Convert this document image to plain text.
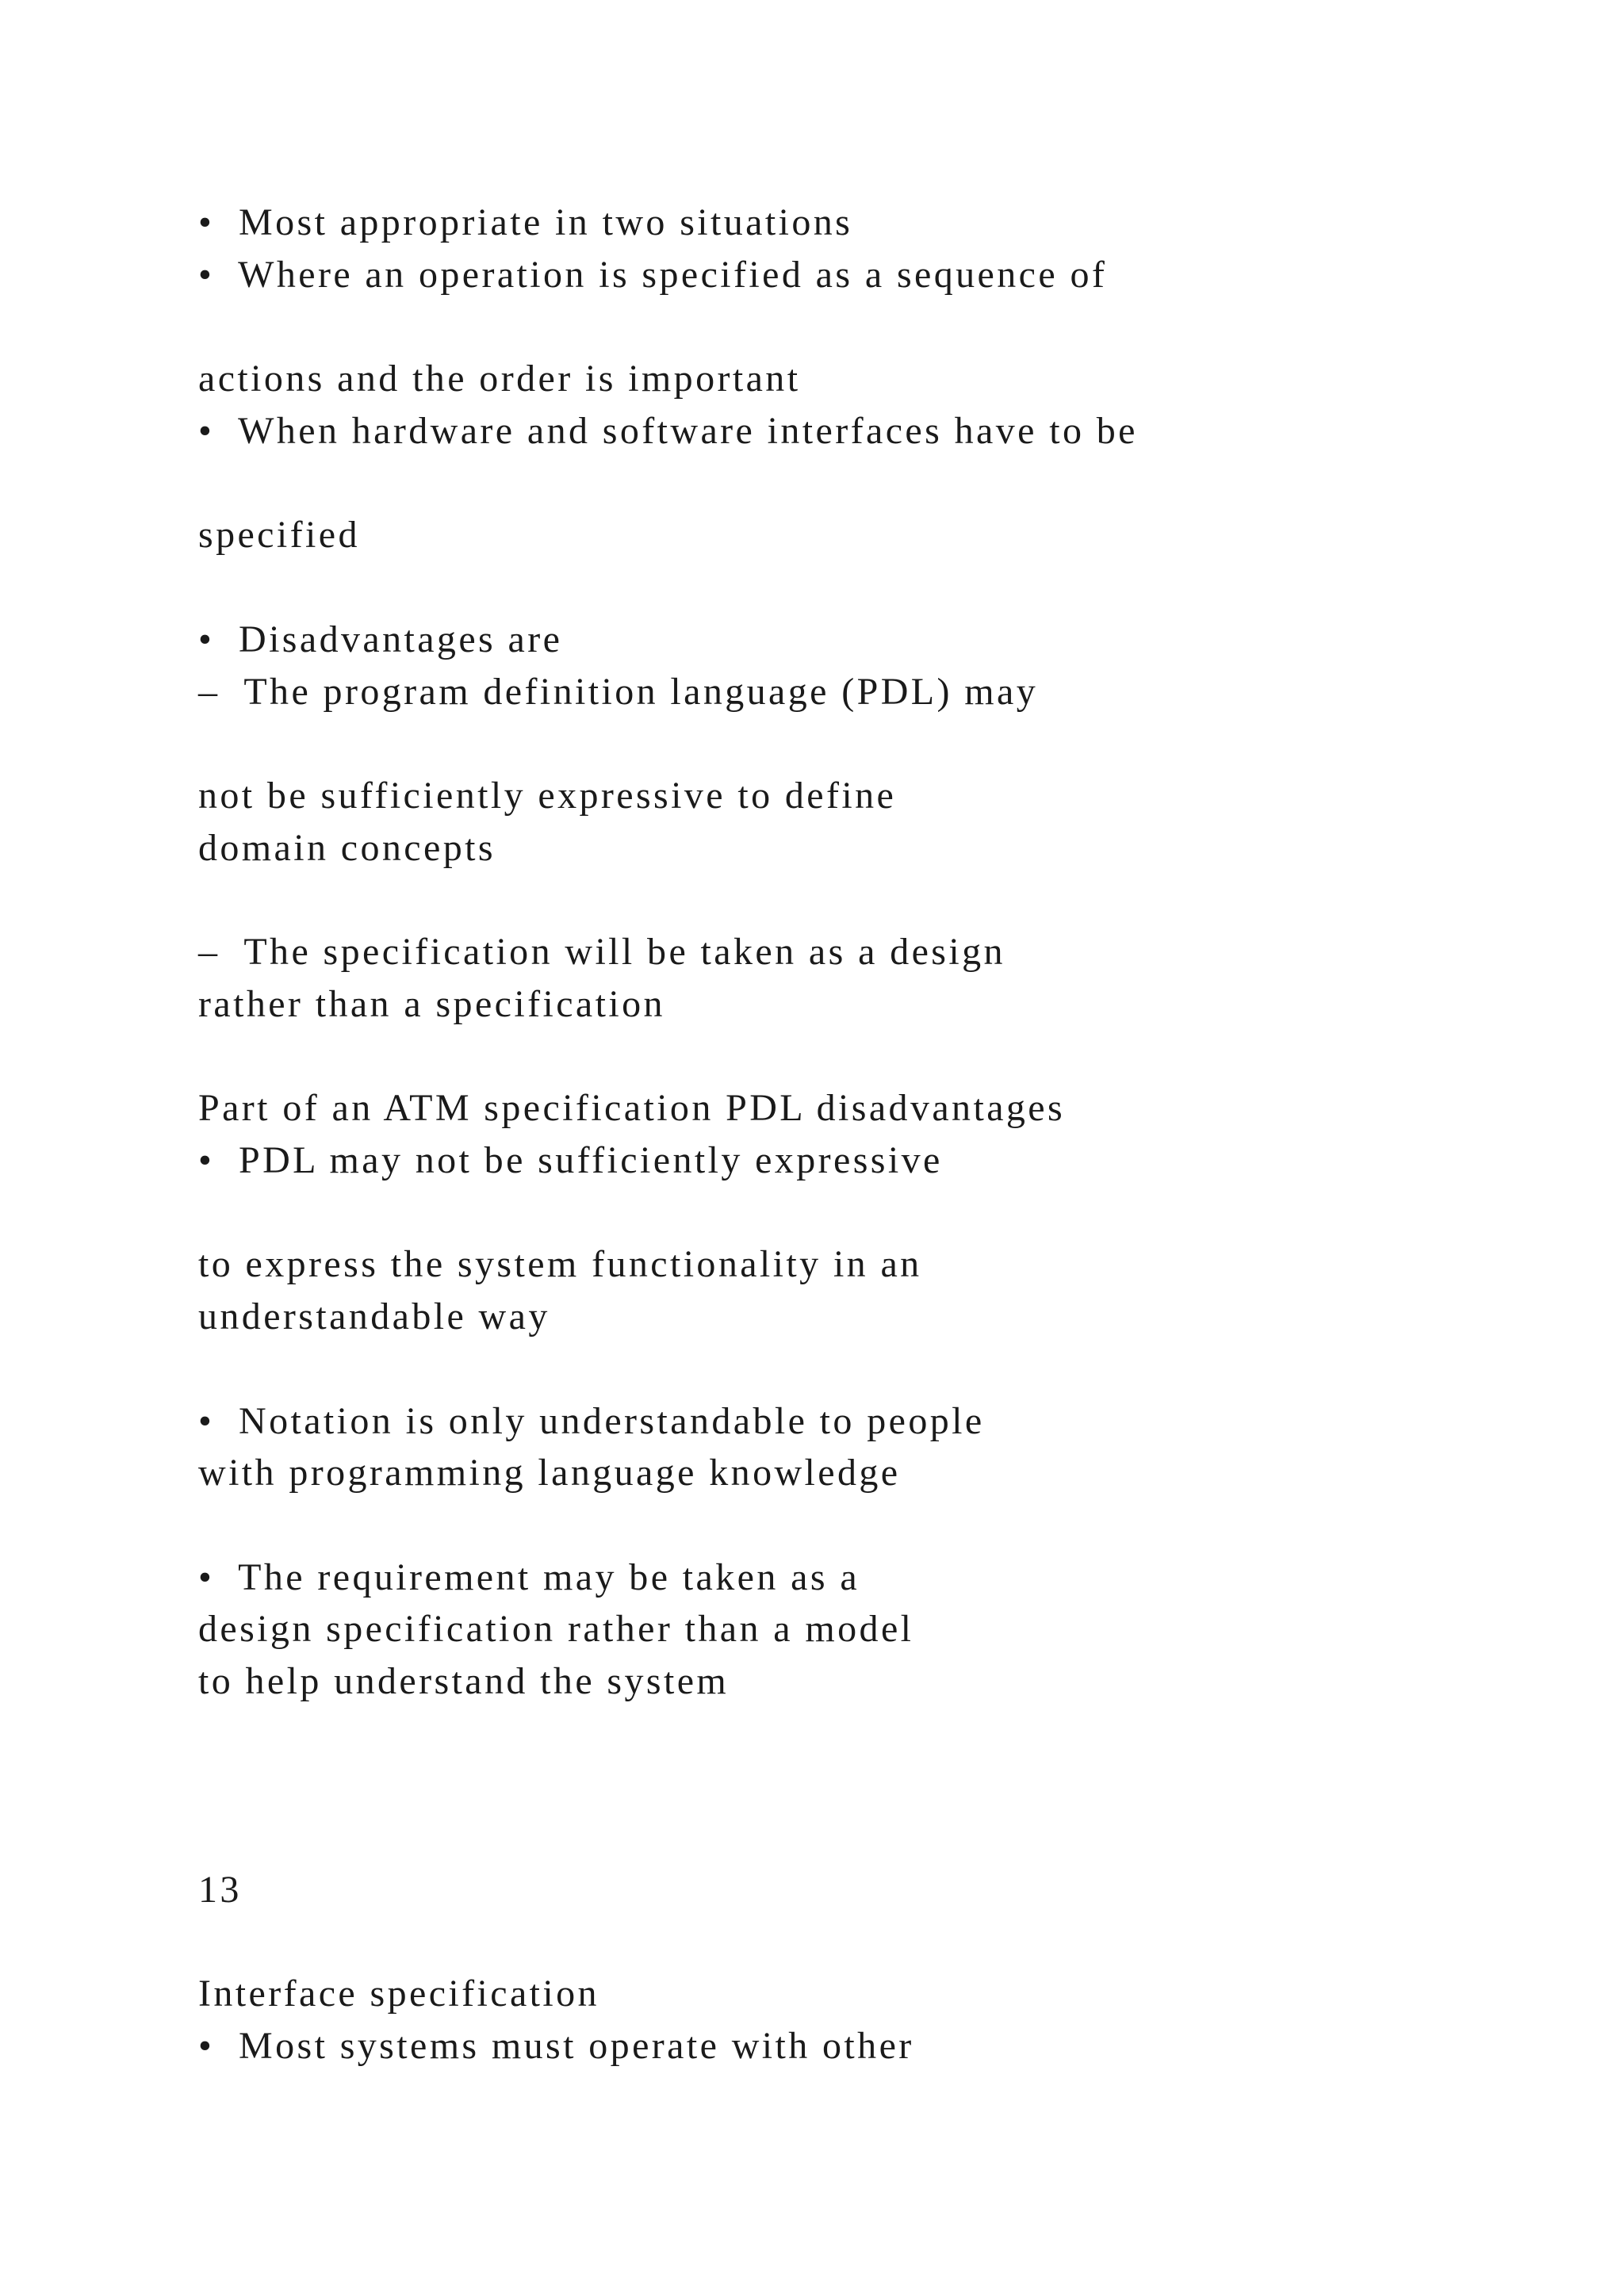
•  Most appropriate in two situations
•  Where an operation is specified as a sequence of
actions and the order is important
•  When hardware and software interfaces have to be
specified
•  Disadvantages are
–  The program definition language (PDL) may
not be sufficiently expressive to define
domain concepts
–  The specification will be taken as a design
rather than a specification
Part of an ATM specification PDL disadvantages
•  PDL may not be sufficiently expressive
to express the system functionality in an
understandable way
•  Notation is only understandable to people
with programming language knowledge
•  The requirement may be taken as a
design specification rather than a model
to help understand the system
13
Interface specification
•  Most systems must operate with other
